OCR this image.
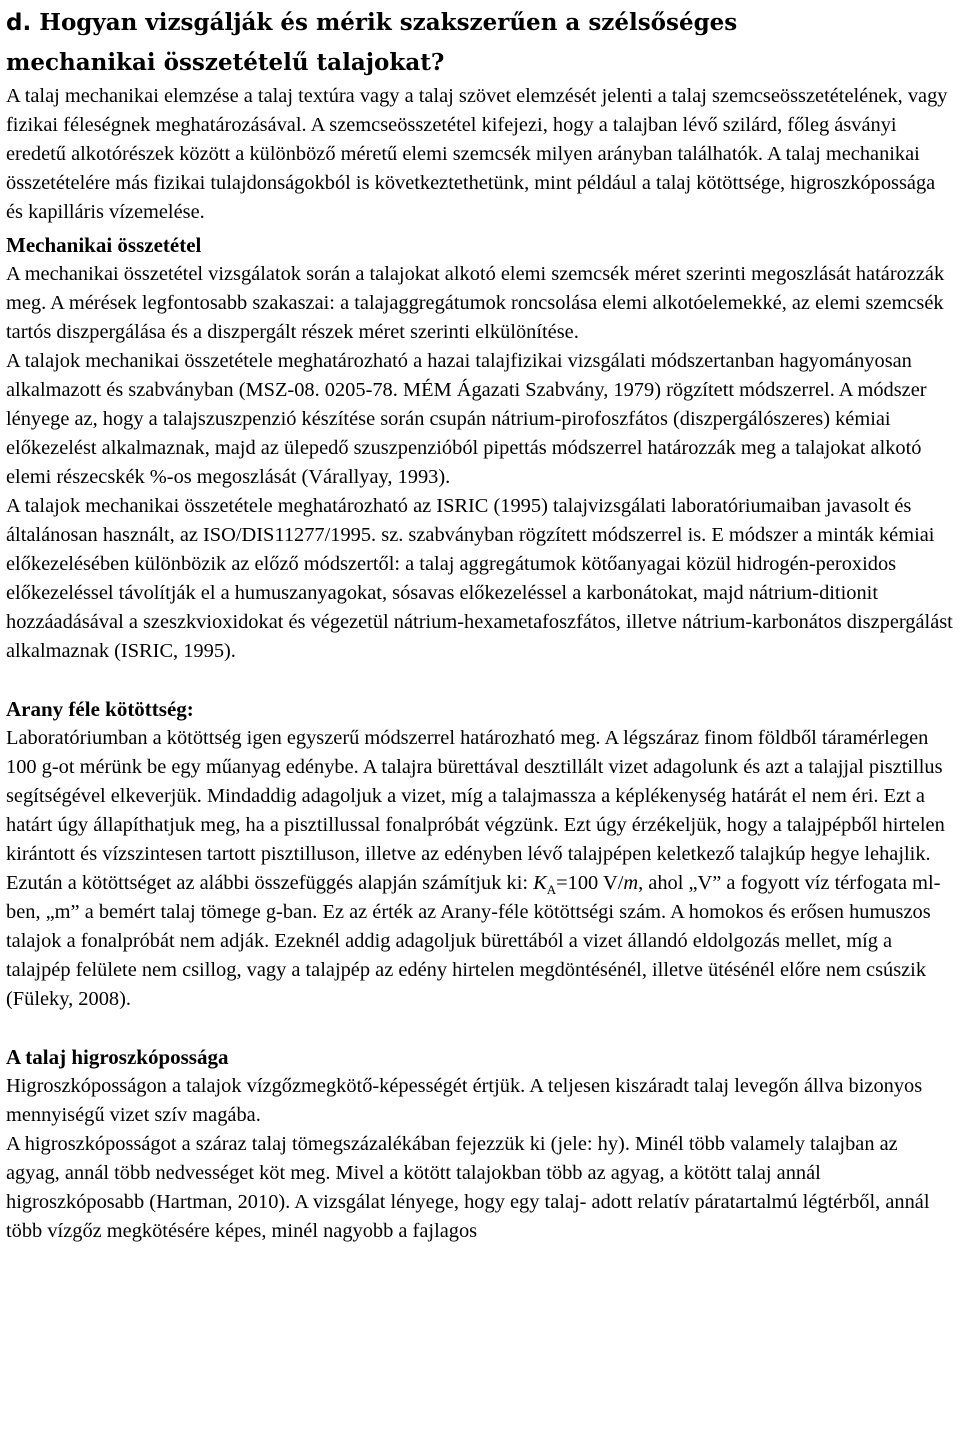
d. Hogyan vizsgálják és mérik szakszerűen a szélsőséges
mechanikai összetételű talajokat?

A talaj mechanikai elemzése a talaj textúra vagy a talaj szövet elemzését jelenti a talaj szemcseösszetételének, vagy fizikai féleségnek meghatározásával. A szemcseösszetétel kifejezi, hogy a talajban lévő szilárd, főleg ásványi eredetű alkotórészek között a különböző méretű elemi szemcsék milyen arányban találhatók. A talaj mechanikai összetételére más fizikai tulajdonságokból is következtethetünk, mint például a talaj kötöttsége, higroszkópossága és kapilláris vízemelése.

Mechanikai összetétel

A mechanikai összetétel vizsgálatok során a talajokat alkotó elemi szemcsék méret szerinti megoszlását határozzák meg. A mérések legfontosabb szakaszai: a talajaggregátumok roncsolása elemi alkotóelemekké, az elemi szemcsék tartós diszpergálása és a diszpergált részek méret szerinti elkülönítése.

A talajok mechanikai összetétele meghatározható a hazai talajfizikai vizsgálati módszertanban hagyományosan alkalmazott és szabványban (MSZ-08. 0205-78. MÉM Ágazati Szabvány, 1979) rögzített módszerrel. A módszer lényege az, hogy a talajszuszpenzió készítése során csupán nátrium-pirofoszfátos (diszpergálószeres) kémiai előkezelést alkalmaznak, majd az ülepedő szuszpenzióból pipettás módszerrel határozzák meg a talajokat alkotó elemi részecskék %-os megoszlását (Várallyay, 1993).

A talajok mechanikai összetétele meghatározható az ISRIC (1995) talajvizsgálati laboratóriumaiban javasolt és általánosan használt, az ISO/DIS11277/1995. sz. szabványban rögzített módszerrel is. E módszer a minták kémiai előkezelésében különbözik az előző módszertől: a talaj aggregátumok kötőanyagai közül hidrogén-peroxidos előkezeléssel távolítják el a humuszanyagokat, sósavas előkezeléssel a karbonátokat, majd nátrium-ditionit hozzáadásával a szeszkvioxidokat és végezetül nátrium-hexametafoszfátos, illetve nátrium-karbonátos diszpergálást alkalmaznak (ISRIC, 1995).

Arany féle kötöttség:

Laboratóriumban a kötöttség igen egyszerű módszerrel határozható meg. A légszáraz finom földből táramérlegen 100 g-ot mérünk be egy műanyag edénybe. A talajra bürettával desztillált vizet adagolunk és azt a talajjal pisztillus segítségével elkeverjük. Mindaddig adagoljuk a vizet, míg a talajmassza a képlékenység határát el nem éri. Ezt a határt úgy állapíthatjuk meg, ha a pisztillussal fonalpróbát végzünk. Ezt úgy érzékeljük, hogy a talajpépből hirtelen kirántott és vízszintesen tartott pisztilluson, illetve az edényben lévő talajpépen keletkező talajkúp hegye lehajlik. Ezután a kötöttséget az alábbi összefüggés alapján számítjuk ki: $K_A=100$ V/m, ahol „V” a fogyott víz térfogata ml-ben, „m” a bemért talaj tömege g-ban. Ez az érték az Arany-féle kötöttségi szám. A homokos és erősen humuszos talajok a fonalpróbát nem adják. Ezeknél addig adagoljuk bürettából a vizet állandó eldolgozás mellet, míg a talajpép felülete nem csillog, vagy a talajpép az edény hirtelen megdöntésénél, illetve ütésénél előre nem csúszik (Füleky, 2008).

A talaj higroszkópossága

Higroszkóposságon a talajok vízgőzmegkötő-képességét értjük. A teljesen kiszáradt talaj levegőn állva bizonyos mennyiségű vizet szív magába.

A higroszkóposságot a száraz talaj tömegszázalékában fejezzük ki (jele: hy). Minél több valamely talajban az agyag, annál több nedvességet köt meg. Mivel a kötött talajokban több az agyag, a kötött talaj annál higroszkóposabb (Hartman, 2010). A vizsgálat lényege, hogy egy talaj- adott relatív páratartalmú légtérből, annál több vízgőz megkötésére képes, minél nagyobb a fajlagos
